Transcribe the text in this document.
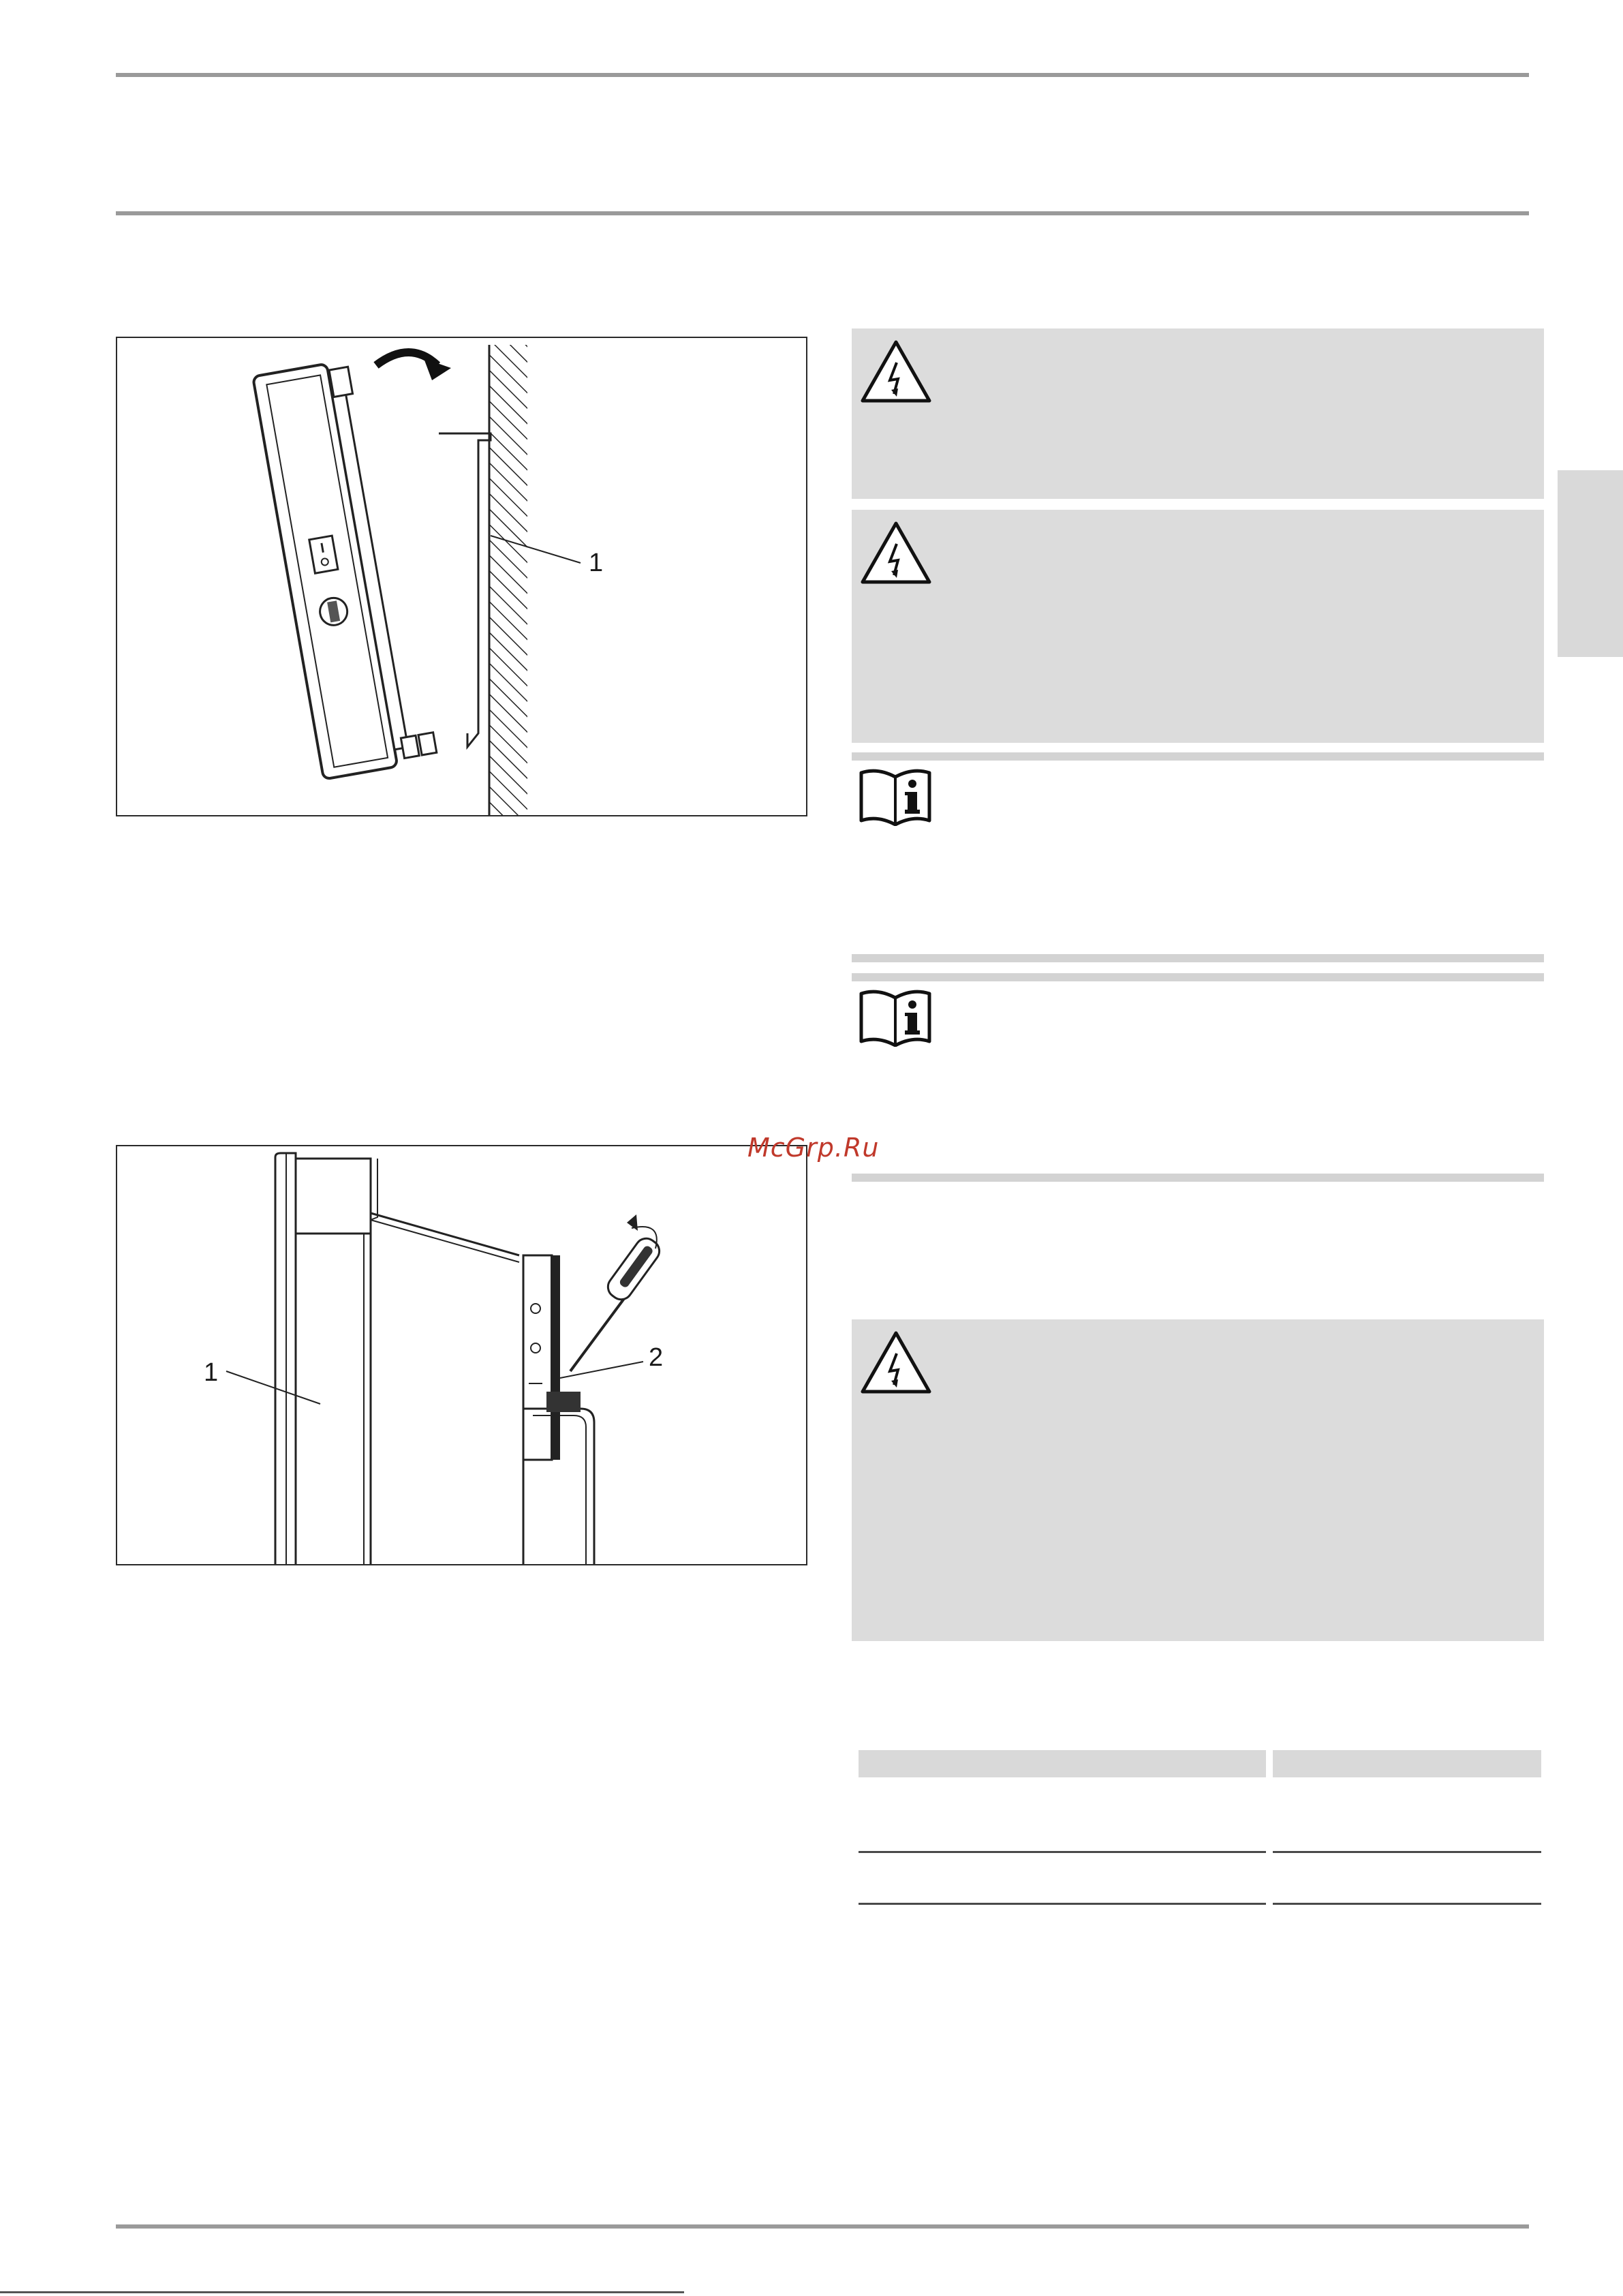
1
1
2
McGrp.Ru
